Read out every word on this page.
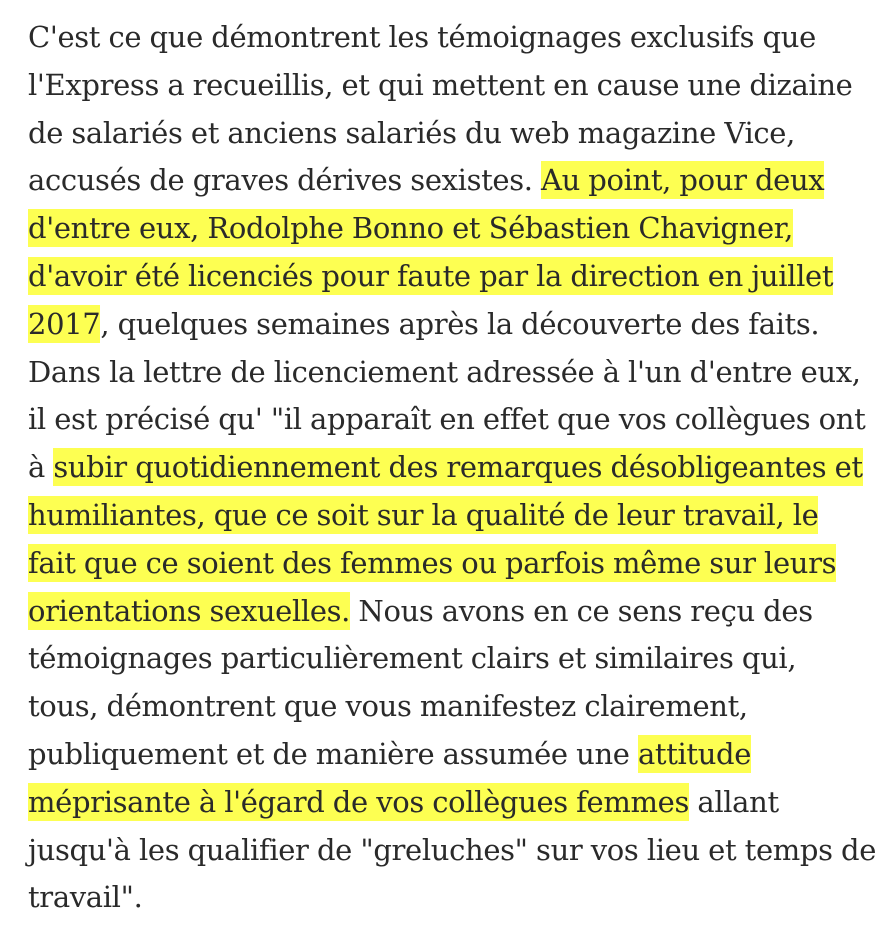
C'est ce que démontrent les témoignages exclusifs que
l'Express a recueillis, et qui mettent en cause une dizaine
de salariés et anciens salariés du web magazine Vice,
accusés de graves dérives sexistes. Au point, pour deux
d'entre eux, Rodolphe Bonno et Sébastien Chavigner,
d'avoir été licenciés pour faute par la direction en juillet
2017, quelques semaines après la découverte des faits.
Dans la lettre de licenciement adressée à l'un d'entre eux,
il est précisé qu' "il apparaît en effet que vos collègues ont
à subir quotidiennement des remarques désobligeantes et
humiliantes, que ce soit sur la qualité de leur travail, le
fait que ce soient des femmes ou parfois même sur leurs
orientations sexuelles. Nous avons en ce sens reçu des
témoignages particulièrement clairs et similaires qui,
tous, démontrent que vous manifestez clairement,
publiquement et de manière assumée une attitude
méprisante à l'égard de vos collègues femmes allant
jusqu'à les qualifier de "greluches" sur vos lieu et temps de
travail".
